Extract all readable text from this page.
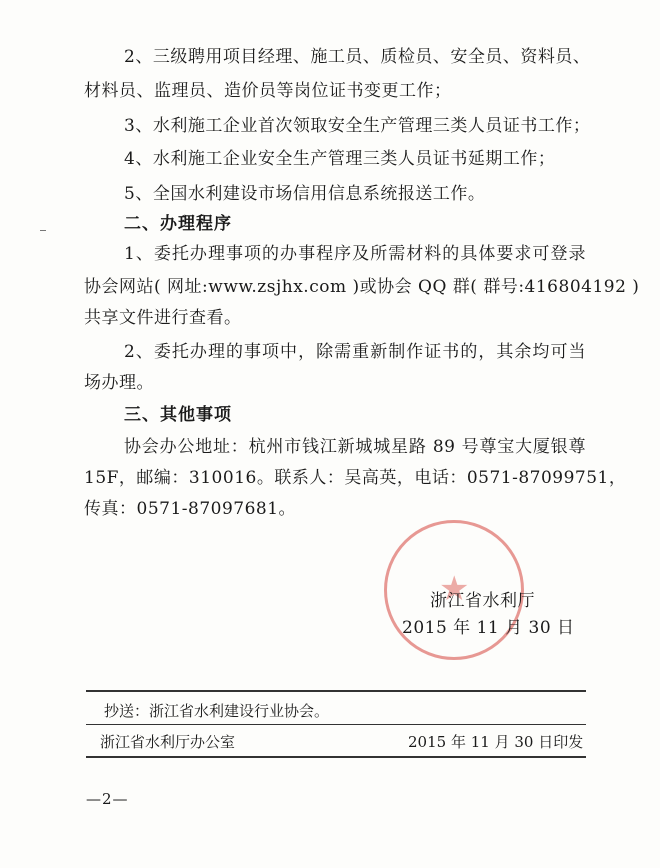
★
2、三级聘用项目经理、施工员、质检员、安全员、资料员、
材料员、监理员、造价员等岗位证书变更工作；
3、水利施工企业首次领取安全生产管理三类人员证书工作；
4、水利施工企业安全生产管理三类人员证书延期工作；
5、全国水利建设市场信用信息系统报送工作。
二、办理程序
1、委托办理事项的办事程序及所需材料的具体要求可登录
协会网站( 网址:www.zsjhx.com )或协会 QQ 群( 群号:416804192 )
共享文件进行查看。
2、委托办理的事项中，除需重新制作证书的，其余均可当
场办理。
三、其他事项
协会办公地址：杭州市钱江新城城星路 89 号尊宝大厦银尊
15F，邮编：310016。联系人：吴高英，电话：0571-87099751，
传真：0571-87097681。
浙江省水利厅
2015 年 11 月 30 日
抄送：浙江省水利建设行业协会。
浙江省水利厅办公室	2015 年 11 月 30 日印发
—2—
